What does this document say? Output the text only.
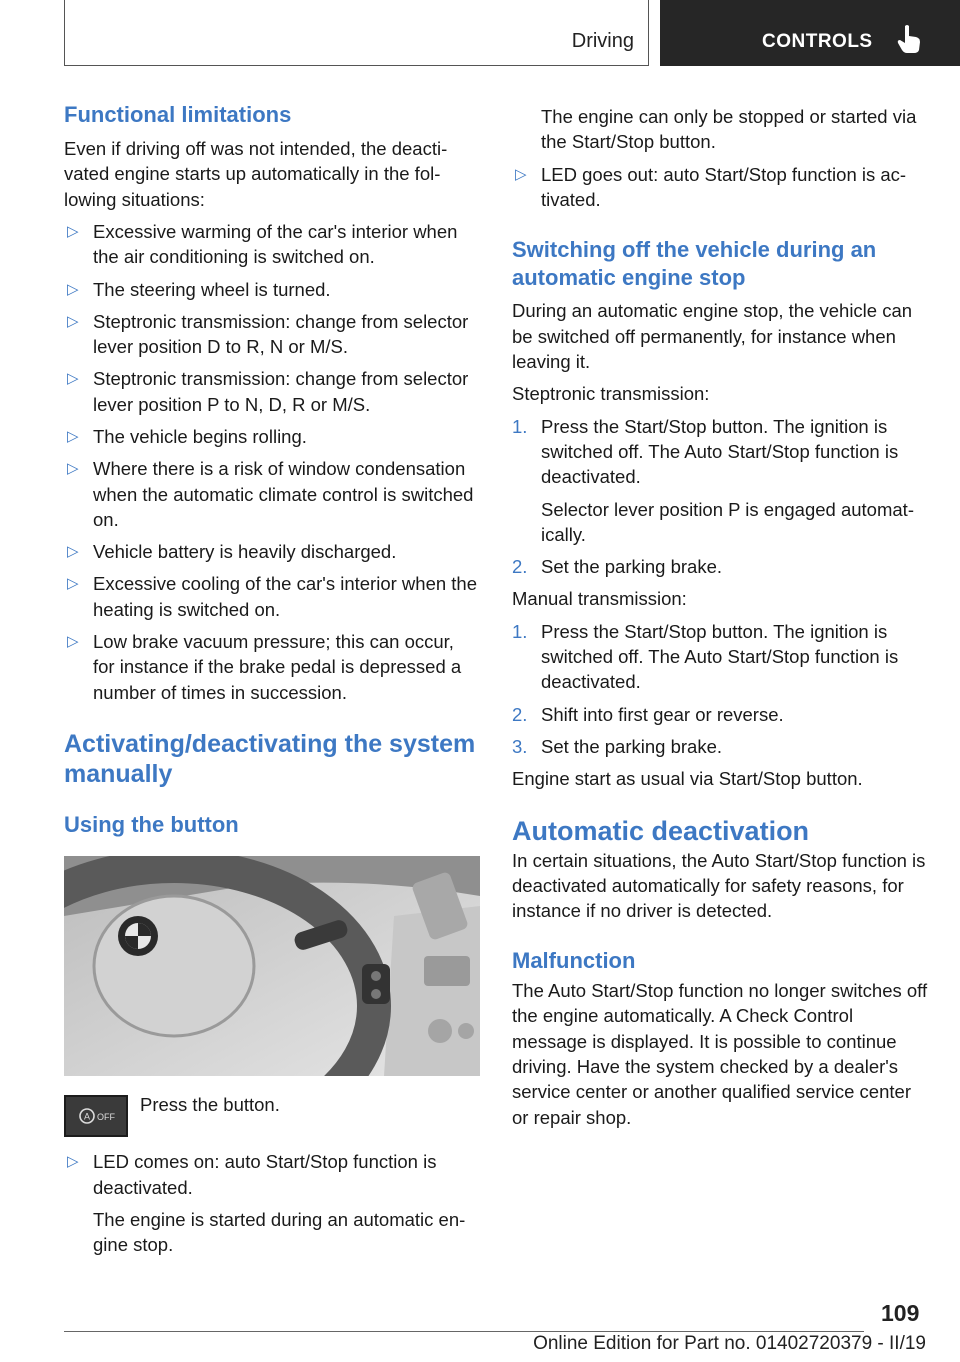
Driving	CONTROLS
Functional limitations

Even if driving off was not intended, the deactivated engine starts up automatically in the following situations:

▷ Excessive warming of the car's interior when the air conditioning is switched on.
▷ The steering wheel is turned.
▷ Steptronic transmission: change from selector lever position D to R, N or M/S.
▷ Steptronic transmission: change from selector lever position P to N, D, R or M/S.
▷ The vehicle begins rolling.
▷ Where there is a risk of window condensation when the automatic climate control is switched on.
▷ Vehicle battery is heavily discharged.
▷ Excessive cooling of the car's interior when the heating is switched on.
▷ Low brake vacuum pressure; this can occur, for instance if the brake pedal is depressed a number of times in succession.
Activating/deactivating the system manually
Using the button
A OFF
Press the button.
▷ LED comes on: auto Start/Stop function is deactivated.
The engine is started during an automatic engine stop.

The engine can only be stopped or started via the Start/Stop button.

▷ LED goes out: auto Start/Stop function is activated.
Switching off the vehicle during an automatic engine stop

During an automatic engine stop, the vehicle can be switched off permanently, for instance when leaving it.

Steptronic transmission:

1. Press the Start/Stop button. The ignition is switched off. The Auto Start/Stop function is deactivated.
Selector lever position P is engaged automatically.
2. Set the parking brake.

Manual transmission:

1. Press the Start/Stop button. The ignition is switched off. The Auto Start/Stop function is deactivated.
2. Shift into first gear or reverse.
3. Set the parking brake.

Engine start as usual via Start/Stop button.

Automatic deactivation

In certain situations, the Auto Start/Stop function is deactivated automatically for safety reasons, for instance if no driver is detected.

Malfunction

The Auto Start/Stop function no longer switches off the engine automatically. A Check Control message is displayed. It is possible to continue driving. Have the system checked by a dealer's service center or another qualified service center or repair shop.

109
Online Edition for Part no. 01402720379 - II/19
